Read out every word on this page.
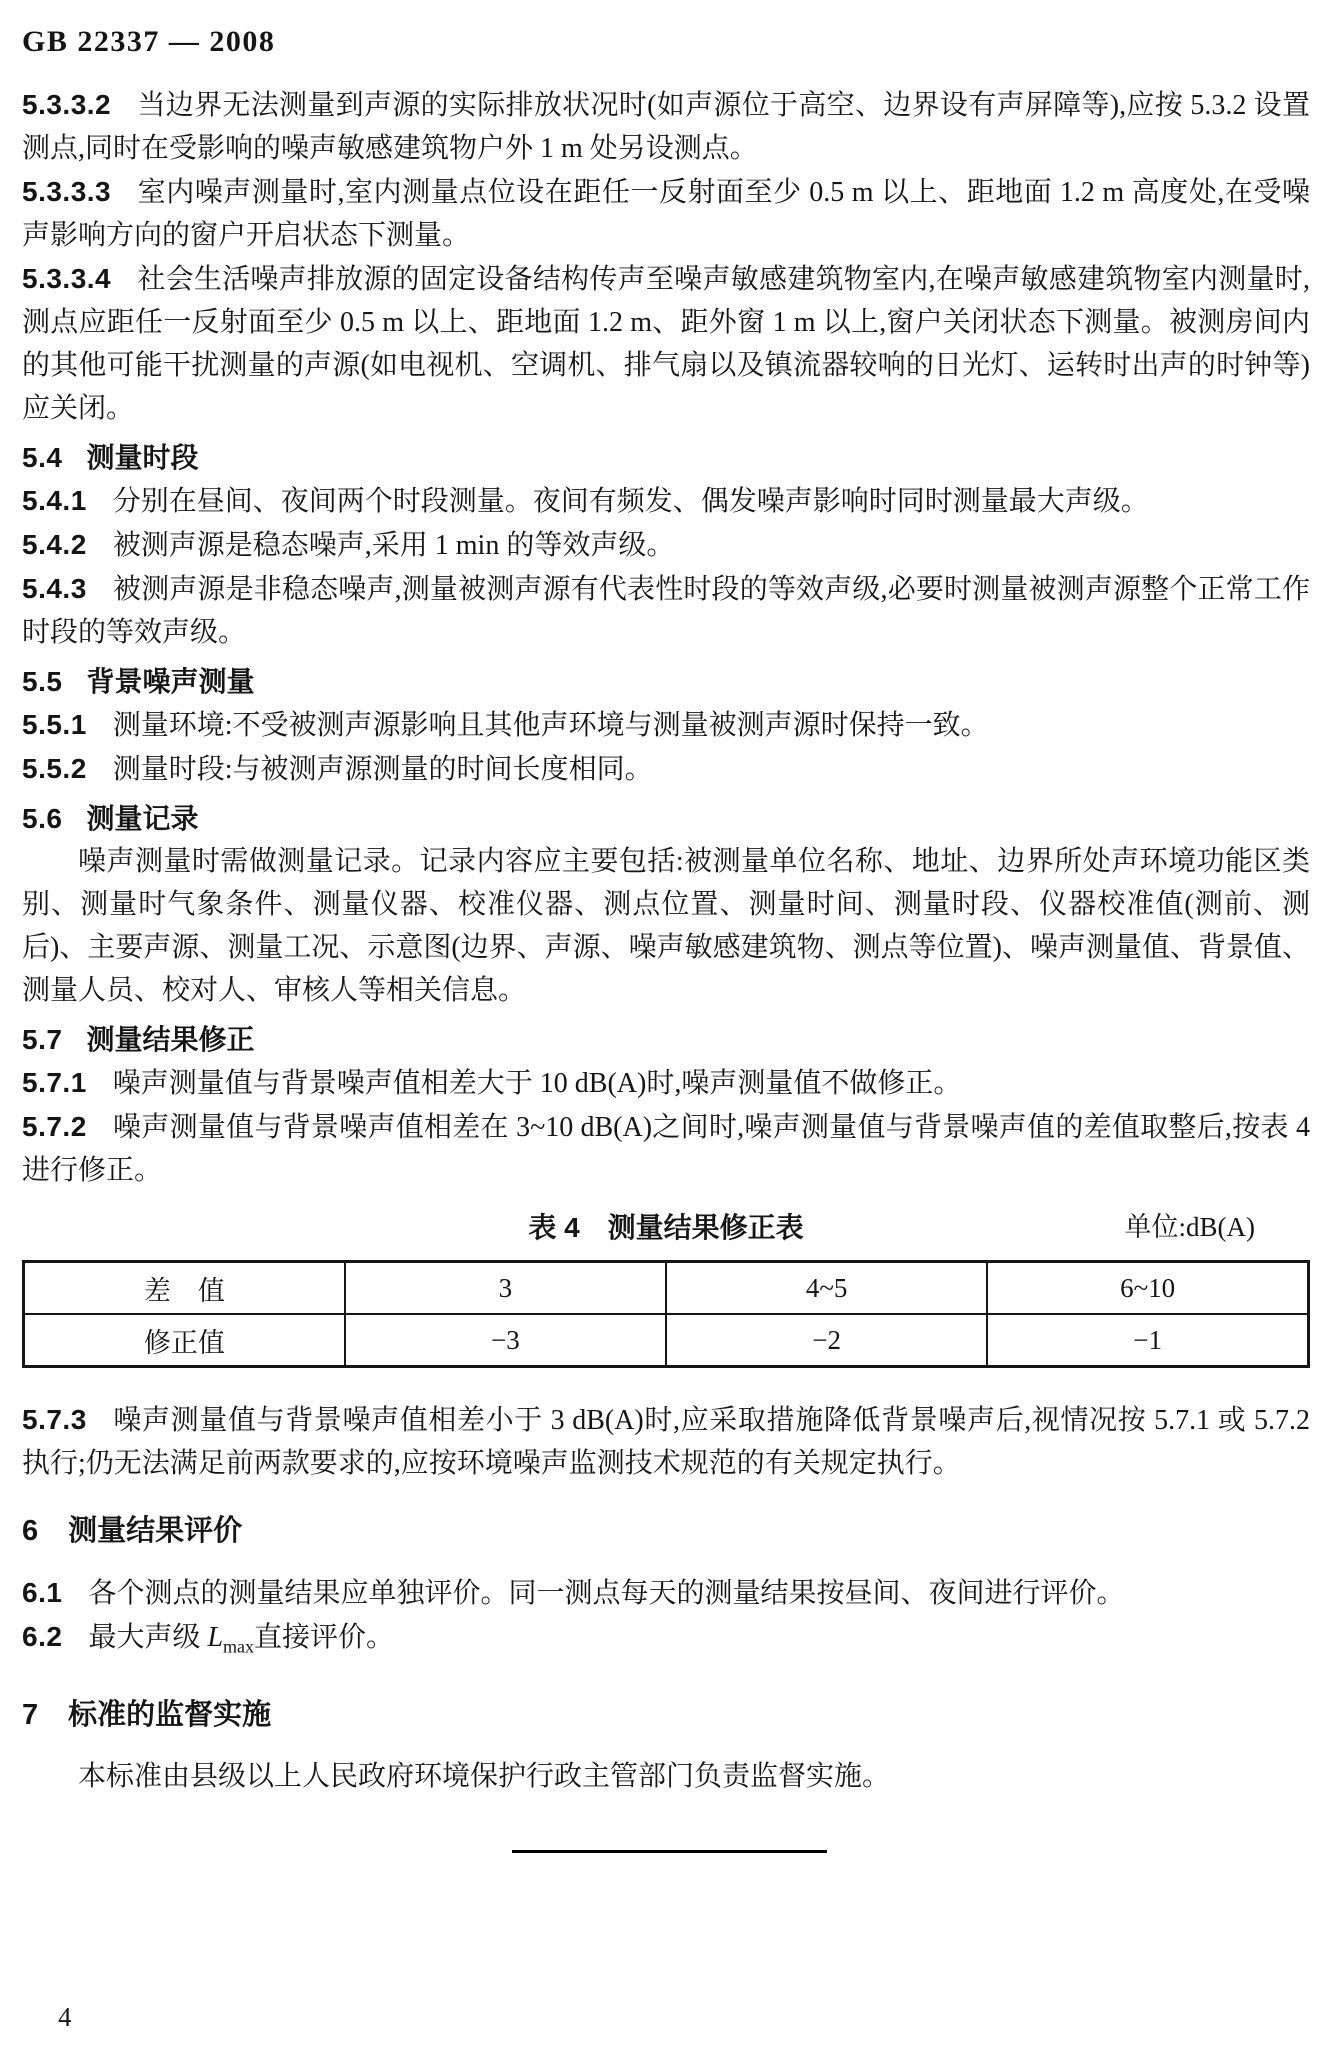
GB 22337 — 2008

5.3.3.2 当边界无法测量到声源的实际排放状况时(如声源位于高空、边界设有声屏障等),应按 5.3.2 设置测点,同时在受影响的噪声敏感建筑物户外 1 m 处另设测点。

5.3.3.3 室内噪声测量时,室内测量点位设在距任一反射面至少 0.5 m 以上、距地面 1.2 m 高度处,在受噪声影响方向的窗户开启状态下测量。

5.3.3.4 社会生活噪声排放源的固定设备结构传声至噪声敏感建筑物室内,在噪声敏感建筑物室内测量时,测点应距任一反射面至少 0.5 m 以上、距地面 1.2 m、距外窗 1 m 以上,窗户关闭状态下测量。被测房间内的其他可能干扰测量的声源(如电视机、空调机、排气扇以及镇流器较响的日光灯、运转时出声的时钟等)应关闭。

5.4 测量时段

5.4.1 分别在昼间、夜间两个时段测量。夜间有频发、偶发噪声影响时同时测量最大声级。

5.4.2 被测声源是稳态噪声,采用 1 min 的等效声级。

5.4.3 被测声源是非稳态噪声,测量被测声源有代表性时段的等效声级,必要时测量被测声源整个正常工作时段的等效声级。

5.5 背景噪声测量

5.5.1 测量环境:不受被测声源影响且其他声环境与测量被测声源时保持一致。

5.5.2 测量时段:与被测声源测量的时间长度相同。

5.6 测量记录

噪声测量时需做测量记录。记录内容应主要包括:被测量单位名称、地址、边界所处声环境功能区类别、测量时气象条件、测量仪器、校准仪器、测点位置、测量时间、测量时段、仪器校准值(测前、测后)、主要声源、测量工况、示意图(边界、声源、噪声敏感建筑物、测点等位置)、噪声测量值、背景值、测量人员、校对人、审核人等相关信息。

5.7 测量结果修正

5.7.1 噪声测量值与背景噪声值相差大于 10 dB(A)时,噪声测量值不做修正。

5.7.2 噪声测量值与背景噪声值相差在 3~10 dB(A)之间时,噪声测量值与背景噪声值的差值取整后,按表 4 进行修正。

表 4　测量结果修正表	单位:dB(A)
差　值	3	4~5	6~10
修正值	−3	−2	−1

5.7.3 噪声测量值与背景噪声值相差小于 3 dB(A)时,应采取措施降低背景噪声后,视情况按 5.7.1 或 5.7.2 执行;仍无法满足前两款要求的,应按环境噪声监测技术规范的有关规定执行。

6 测量结果评价

6.1 各个测点的测量结果应单独评价。同一测点每天的测量结果按昼间、夜间进行评价。

6.2 最大声级 $L_{max}$直接评价。

7 标准的监督实施

本标准由县级以上人民政府环境保护行政主管部门负责监督实施。

4
